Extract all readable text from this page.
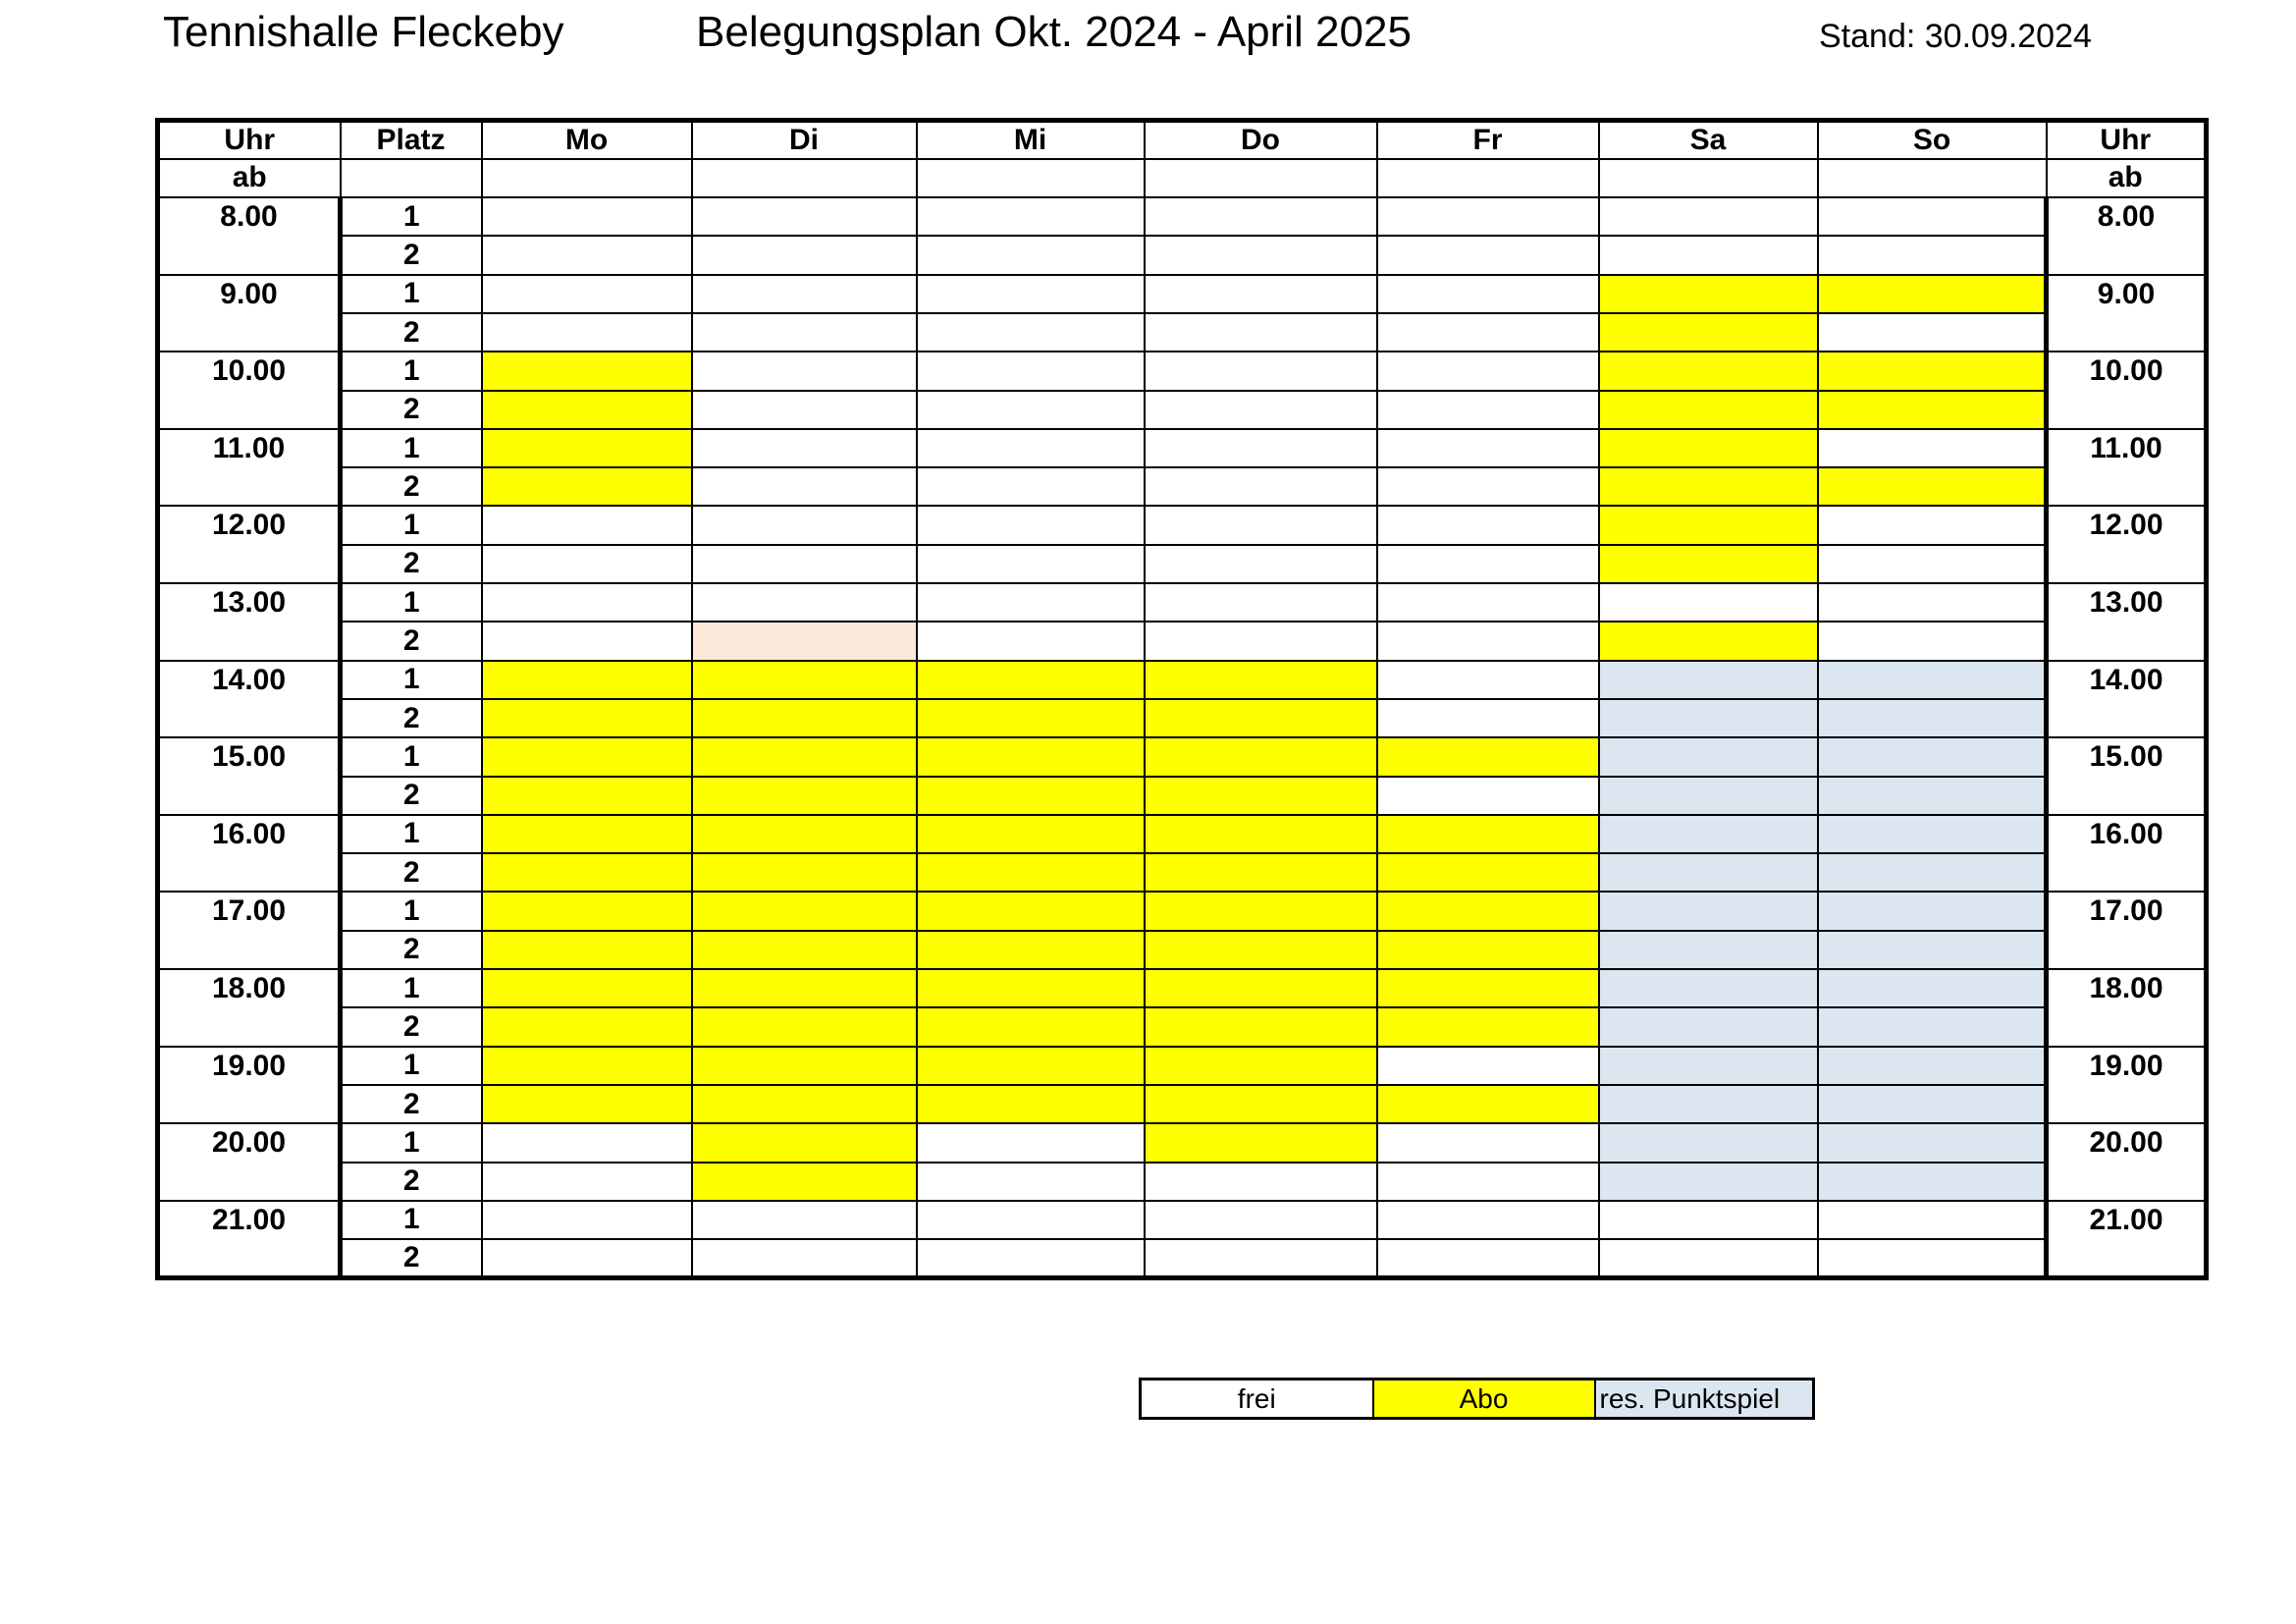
Tennishalle Fleckeby	Belegungsplan Okt. 2024 - April 2025	Stand: 30.09.2024
Uhr	Platz	Mo	Di	Mi	Do	Fr	Sa	So	Uhr
ab									ab
8.00	1								8.00
	2								
9.00	1								9.00
	2								
10.00	1								10.00
	2								
11.00	1								11.00
	2								
12.00	1								12.00
	2								
13.00	1								13.00
	2								
14.00	1								14.00
	2								
15.00	1								15.00
	2								
16.00	1								16.00
	2								
17.00	1								17.00
	2								
18.00	1								18.00
	2								
19.00	1								19.00
	2								
20.00	1								20.00
	2								
21.00	1								21.00
	2								
frei	Abo	res. Punktspiel
